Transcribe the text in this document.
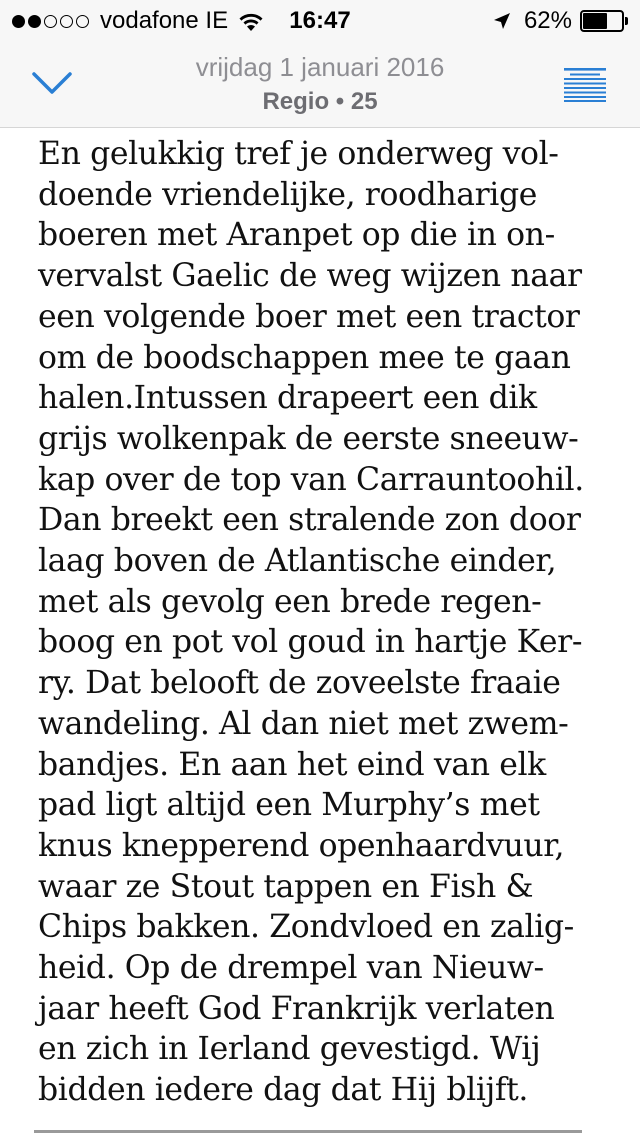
vodafone IE	16:47	62%
vrijdag 1 januari 2016
Regio • 25
En gelukkig tref je onderweg vol-
doende vriendelijke, roodharige
boeren met Aranpet op die in on-
vervalst Gaelic de weg wijzen naar
een volgende boer met een tractor
om de boodschappen mee te gaan
halen.Intussen drapeert een dik
grijs wolkenpak de eerste sneeuw-
kap over de top van Carrauntoohil.
Dan breekt een stralende zon door
laag boven de Atlantische einder,
met als gevolg een brede regen-
boog en pot vol goud in hartje Ker-
ry. Dat belooft de zoveelste fraaie
wandeling. Al dan niet met zwem-
bandjes. En aan het eind van elk
pad ligt altijd een Murphy’s met
knus knepperend openhaardvuur,
waar ze Stout tappen en Fish &
Chips bakken. Zondvloed en zalig-
heid. Op de drempel van Nieuw-
jaar heeft God Frankrijk verlaten
en zich in Ierland gevestigd. Wij
bidden iedere dag dat Hij blijft.
